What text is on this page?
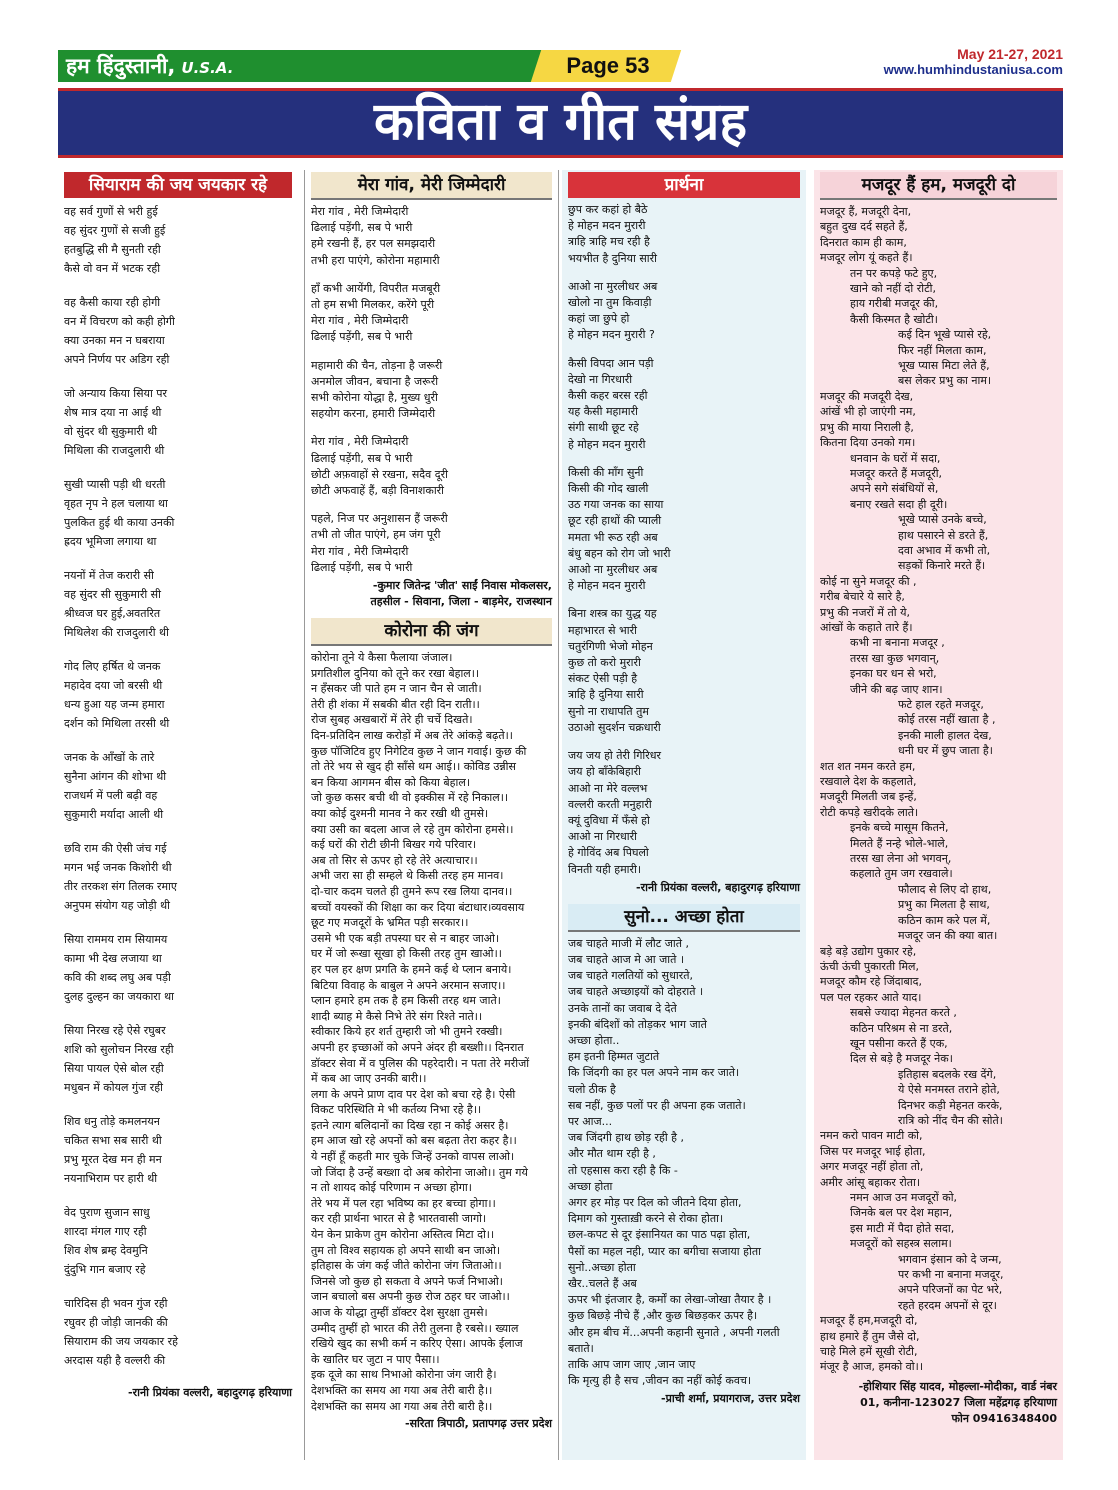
हम हिंदुस्तानी, U.S.A.	Page 53	May 21-27, 2021
www.humhindustaniusa.com
कविता व गीत संग्रह
सियाराम की जय जयकार रहे
वह सर्व गुणों से भरी हुई
वह सुंदर गुणों से सजी हुई
हतबुद्धि सी मै सुनती रही
कैसे वो वन में भटक रही
वह कैसी काया रही होगी
वन में विचरण को कही होगी
क्या उनका मन न घबराया
अपने निर्णय पर अडिग रही
जो अन्याय किया सिया पर
शेष मात्र दया ना आई थी
वो सुंदर थी सुकुमारी थी
मिथिला की राजदुलारी थी
सुखी प्यासी पड़ी थी धरती
वृहत नृप ने हल चलाया था
पुलकित हुई थी काया उनकी
ह्रदय भूमिजा लगाया था
नयनों में तेज करारी सी
वह सुंदर सी सुकुमारी सी
श्रीध्वज घर हुई,अवतरित
मिथिलेश की राजदुलारी थी
गोद लिए हर्षित थे जनक
महादेव दया जो बरसी थी
धन्य हुआ यह जन्म हमारा
दर्शन को मिथिला तरसी थी
जनक के आँखों के तारे
सुनैना आंगन की शोभा थी
राजधर्म में पली बढ़ी वह
सुकुमारी मर्यादा आली थी
छवि राम की ऐसी जंच गई
मगन भई जनक किशोरी थी
तीर तरकश संग तिलक रमाए
अनुपम संयोग यह जोड़ी थी
सिया राममय राम सियामय
कामा भी देख लजाया था
कवि की शब्द लघु अब पड़ी
दुलह दुल्हन का जयकारा था
सिया निरख रहे ऐसे रघुबर
शशि को सुलोचन निरख रही
सिया पायल ऐसे बोल रही
मधुबन में कोयल गुंज रही
शिव धनु तोड़े कमलनयन
चकित सभा सब सारी थी
प्रभु मूरत देख मन ही मन
नयनाभिराम पर हारी थी
वेद पुराण सुजान साधु
शारदा मंगल गाए रही
शिव शेष ब्रम्ह देवमुनि
दुंदुभि गान बजाए रहे
चारिदिस ही भवन गुंज रही
रघुवर ही जोड़ी जानकी की
सियाराम की जय जयकार रहे
अरदास यही है वल्लरी की
-रानी प्रियंका वल्लरी, बहादुरगढ़ हरियाणा
मेरा गांव, मेरी जिम्मेदारी
मेरा गांव , मेरी जिम्मेदारी
ढिलाई पड़ेंगी, सब पे भारी
हमे रखनी हैं, हर पल समझदारी
तभी हरा पाएंगे, कोरोना महामारी
हाँ कभी आयेंगी, विपरीत मजबूरी
तो हम सभी मिलकर, करेंगे पूरी
मेरा गांव , मेरी जिम्मेदारी
ढिलाई पड़ेंगी, सब पे भारी
महामारी की चैन, तोड़ना है जरूरी
अनमोल जीवन, बचाना है जरूरी
सभी कोरोना योद्धा है, मुख्य धुरी
सहयोग करना, हमारी जिम्मेदारी
मेरा गांव , मेरी जिम्मेदारी
ढिलाई पड़ेंगी, सब पे भारी
छोटी अफ़वाहों से रखना, सदैव दूरी
छोटी अफवाहें हैं, बड़ी विनाशकारी
पहले, निज पर अनुशासन हैं जरूरी
तभी तो जीत पाएंगे, हम जंग पूरी
मेरा गांव , मेरी जिम्मेदारी
ढिलाई पड़ेंगी, सब पे भारी
-कुमार जितेन्द्र 'जीत' साईं निवास मोकलसर,
तहसील - सिवाना, जिला - बाड़मेर, राजस्थान
कोरोना की जंग
कोरोना तूने ये कैसा फैलाया जंजाल।
प्रगतिशील दुनिया को तूने कर रखा बेहाल।।
न हँसकर जी पाते हम न जान चैन से जाती।
तेरी ही शंका में सबकी बीत रही दिन राती।।
रोज सुबह अखबारों में तेरे ही चर्चे दिखते।
दिन-प्रतिदिन लाख करोड़ों में अब तेरे आंकड़े बढ़ते।।
कुछ पॉजिटिव हुए निगेटिव कुछ ने जान गवाई। कुछ की
तो तेरे भय से खुद ही साँसे थम आई।। कोविड उन्नीस
बन किया आगमन बीस को किया बेहाल।
जो कुछ कसर बची थी वो इक्कीस में रहे निकाल।।
क्या कोई दुश्मनी मानव ने कर रखी थी तुमसे।
क्या उसी का बदला आज ले रहे तुम कोरोना हमसे।।
कई घरों की रोटी छीनी बिखर गये परिवार।
अब तो सिर से ऊपर हो रहे तेरे अत्याचार।।
अभी जरा सा ही सम्हले थे किसी तरह हम मानव।
दो-चार कदम चलते ही तुमने रूप रख लिया दानव।।
बच्चों वयस्कों की शिक्षा का कर दिया बंटाधार।व्यवसाय
छूट गए मजदूरों के भ्रमित पड़ी सरकार।।
उसमे भी एक बड़ी तपस्या घर से न बाहर जाओ।
घर में जो रूखा सूखा हो किसी तरह तुम खाओ।।
हर पल हर क्षण प्रगति के हमने कई थे प्लान बनाये।
बिटिया विवाह के बाबुल ने अपने अरमान सजाए।।
प्लान हमारे हम तक है हम किसी तरह थम जाते।
शादी ब्याह मे कैसे निभे तेरे संग रिश्ते नाते।।
स्वीकार किये हर शर्त तुम्हारी जो भी तुमने रक्खी।
अपनी हर इच्छाओं को अपने अंदर ही बख्शी।। दिनरात
डॉक्टर सेवा में व पुलिस की पहरेदारी। न पता तेरे मरीजों
में कब आ जाए उनकी बारी।।
लगा के अपने प्राण दाव पर देश को बचा रहे है। ऐसी
विकट परिस्थिति मे भी कर्तव्य निभा रहे है।।
इतने त्याग बलिदानों का दिख रहा न कोई असर है।
हम आज खो रहे अपनों को बस बढ़ता तेरा कहर है।।
ये नहीं हूँ कहती मार चुके जिन्हें उनको वापस लाओ।
जो जिंदा है उन्हें बख्शा दो अब कोरोना जाओ।। तुम गये
न तो शायद कोई परिणाम न अच्छा होगा।
तेरे भय में पल रहा भविष्य का हर बच्चा होगा।।
कर रही प्रार्थना भारत से है भारतवासी जागो।
येन केन प्राकेण तुम कोरोना अस्तित्व मिटा दो।।
तुम तो विश्व सहायक हो अपने साथी बन जाओ।
इतिहास के जंग कई जीते कोरोना जंग जिताओ।।
जिनसे जो कुछ हो सकता वे अपने फर्ज निभाओ।
जान बचालो बस अपनी कुछ रोज ठहर घर जाओ।।
आज के योद्धा तुम्हीं डॉक्टर देश सुरक्षा तुमसे।
उम्मीद तुम्हीं हो भारत की तेरी तुलना है रबसे।। ख्याल
रखिये खुद का सभी कर्म न करिए ऐसा। आपके ईलाज
के खातिर घर जुटा न पाए पैसा।।
इक दूजे का साथ निभाओ कोरोना जंग जारी है।
देशभक्ति का समय आ गया अब तेरी बारी है।।
देशभक्ति का समय आ गया अब तेरी बारी है।।
-सरिता त्रिपाठी, प्रतापगढ़ उत्तर प्रदेश
प्रार्थना
छुप कर कहां हो बैठे
हे मोहन मदन मुरारी
त्राहि त्राहि मच रही है
भयभीत है दुनिया सारी
आओ ना मुरलीधर अब
खोलो ना तुम किवाड़ी
कहां जा छुपे हो
हे मोहन मदन मुरारी ?
कैसी विपदा आन पड़ी
देखो ना गिरधारी
कैसी कहर बरस रही
यह कैसी महामारी
संगी साथी छूट रहे
हे मोहन मदन मुरारी
किसी की माँग सुनी
किसी की गोद खाली
उठ गया जनक का साया
छूट रही हाथों की प्याली
ममता भी रूठ रही अब
बंधु बहन को रोग जो भारी
आओ ना मुरलीधर अब
हे मोहन मदन मुरारी
बिना शस्त्र का युद्ध यह
महाभारत से भारी
चतुरंगिणी भेजो मोहन
कुछ तो करो मुरारी
संकट ऐसी पड़ी है
त्राहि है दुनिया सारी
सुनो ना राधापति तुम
उठाओ सुदर्शन चक्रधारी
जय जय हो तेरी गिरिधर
जय हो बाँकेबिहारी
आओ ना मेरे वल्लभ
वल्लरी करती मनुहारी
क्यूं दुविधा में फँसे हो
आओ ना गिरधारी
हे गोविंद अब पिघलो
विनती यही हमारी।
-रानी प्रियंका वल्लरी, बहादुरगढ़ हरियाणा
सुनो... अच्छा होता
जब चाहते माजी में लौट जाते ,
जब चाहते आज मे आ जाते ।
जब चाहते गलतियों को सुधारते,
जब चाहते अच्छाइयों को दोहराते ।
उनके तानों का जवाब दे देते
इनकी बंदिशों को तोड़कर भाग जाते
अच्छा होता..
हम इतनी हिम्मत जुटाते
कि जिंदगी का हर पल अपने नाम कर जाते।
चलो ठीक है
सब नहीं, कुछ पलों पर ही अपना हक जताते।
पर आज...
जब जिंदगी हाथ छोड़ रही है ,
और मौत थाम रही है ,
तो एहसास करा रही है कि -
अच्छा होता
अगर हर मोड़ पर दिल को जीतने दिया होता,
दिमाग को गुस्ताख़ी करने से रोका होता।
छल-कपट से दूर इंसानियत का पाठ पढ़ा होता,
पैसों का महल नही, प्यार का बगीचा सजाया होता
सुनो..अच्छा होता
खैर..चलते हैं अब
ऊपर भी इंतजार है, कर्मों का लेखा-जोखा तैयार है ।
कुछ बिछड़े नीचे हैं ,और कुछ बिछड़कर ऊपर है।
और हम बीच में...अपनी कहानी सुनाते , अपनी गलती
बताते।
ताकि आप जाग जाए ,जान जाए
कि मृत्यु ही है सच ,जीवन का नहीं कोई कवच।
-प्राची शर्मा, प्रयागराज, उत्तर प्रदेश
मजदूर हैं हम, मजदूरी दो
मजदूर हैं, मजदूरी देना,
बहुत दुख दर्द सहते हैं,
दिनरात काम ही काम,
मजदूर लोग यूं कहते हैं।
तन पर कपड़े फटे हुए,
खाने को नहीं दो रोटी,
हाय गरीबी मजदूर की,
कैसी किस्मत है खोटी।
कई दिन भूखे प्यासे रहे,
फिर नहीं मिलता काम,
भूख प्यास मिटा लेते हैं,
बस लेकर प्रभु का नाम।
मजदूर की मजदूरी देख,
आंखें भी हो जाएंगी नम,
प्रभु की माया निराली है,
कितना दिया उनको गम।
धनवान के घरों में सदा,
मजदूर करते हैं मजदूरी,
अपने सगे संबंधियों से,
बनाए रखते सदा ही दूरी।
भूखे प्यासे उनके बच्चे,
हाथ पसारने से डरते हैं,
दवा अभाव में कभी तो,
सड़कों किनारे मरते हैं।
कोई ना सुने मजदूर की ,
गरीब बेचारे ये सारे है,
प्रभु की नजरों में तो ये,
आंखों के कहाते तारे हैं।
कभी ना बनाना मजदूर ,
तरस खा कुछ भगवान्,
इनका घर धन से भरो,
जीने की बढ़ जाए शान।
फटे हाल रहते मजदूर,
कोई तरस नहीं खाता है ,
इनकी माली हालत देख,
धनी घर में छुप जाता है।
शत शत नमन करते हम,
रखवाले देश के कहलाते,
मजदूरी मिलती जब इन्हें,
रोटी कपड़े खरीदके लाते।
इनके बच्चे मासूम कितने,
मिलते हैं नन्हे भोले-भाले,
तरस खा लेना ओ भगवन्,
कहलाते तुम जग रखवाले।
फौलाद से लिए दो हाथ,
प्रभु का मिलता है साथ,
कठिन काम करे पल में,
मजदूर जन की क्या बात।
बड़े बड़े उद्योग पुकार रहे,
ऊंची ऊंची पुकारती मिल,
मजदूर कौम रहे जिंदाबाद,
पल पल रहकर आते याद।
सबसे ज्यादा मेहनत करते ,
कठिन परिश्रम से ना डरते,
खून पसीना करते हैं एक,
दिल से बड़े है मजदूर नेक।
इतिहास बदलके रख देंगे,
ये ऐसे मनमस्त तराने होते,
दिनभर कड़ी मेहनत करके,
रात्रि को नींद चैन की सोते।
नमन करो पावन माटी को,
जिस पर मजदूर भाई होता,
अगर मजदूर नहीं होता तो,
अमीर आंसू बहाकर रोता।
नमन आज उन मजदूरों को,
जिनके बल पर देश महान,
इस माटी में पैदा होते सदा,
मजदूरों को सहस्त्र सलाम।
भगवान इंसान को दे जन्म,
पर कभी ना बनाना मजदूर,
अपने परिजनों का पेट भरे,
रहते हरदम अपनों से दूर।
मजदूर हैं हम,मजदूरी दो,
हाथ हमारे हैं तुम जैसे दो,
चाहे मिले हमें सूखी रोटी,
मंजूर है आज, हमको वो।।
-होशियार सिंह यादव, मोहल्ला-मोदीका, वार्ड नंबर
01, कनीना-123027 जिला महेंद्रगढ़ हरियाणा
फोन 09416348400
